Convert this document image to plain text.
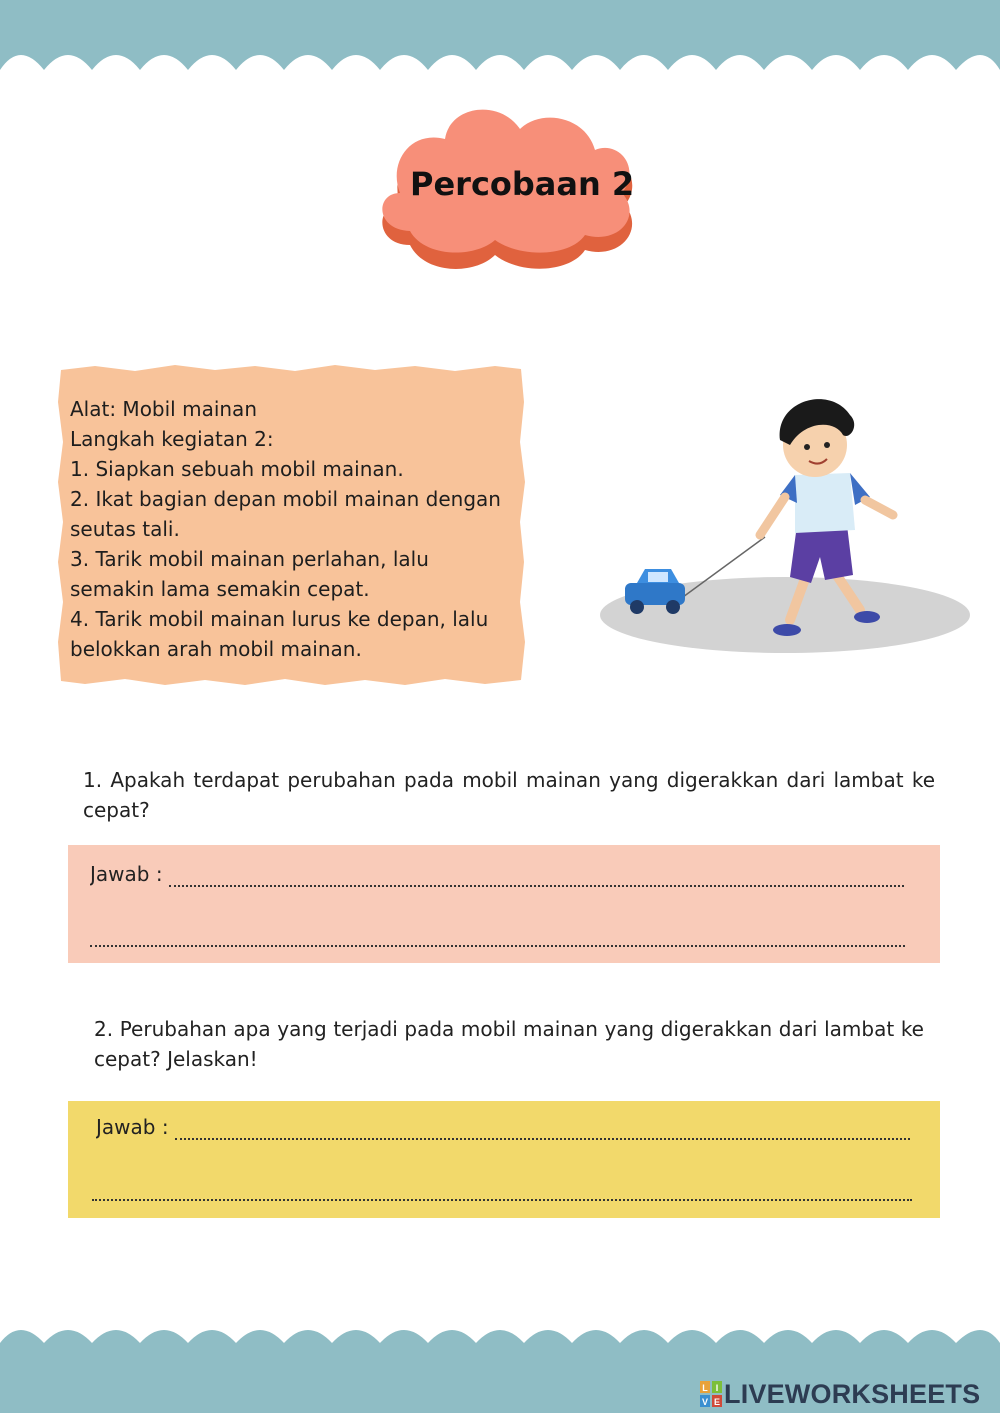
Percobaan 2
Alat: Mobil mainan
Langkah kegiatan 2:
1. Siapkan sebuah mobil mainan.
2. Ikat bagian depan mobil mainan dengan seutas tali.
3. Tarik mobil mainan perlahan, lalu semakin lama semakin cepat.
4. Tarik mobil mainan lurus ke depan, lalu belokkan arah mobil mainan.
1. Apakah terdapat perubahan pada mobil mainan yang digerakkan dari lambat ke cepat?
Jawab :
2. Perubahan apa yang terjadi pada mobil mainan yang digerakkan dari lambat ke cepat? Jelaskan!
Jawab :
L I
V E LIVEWORKSHEETS
